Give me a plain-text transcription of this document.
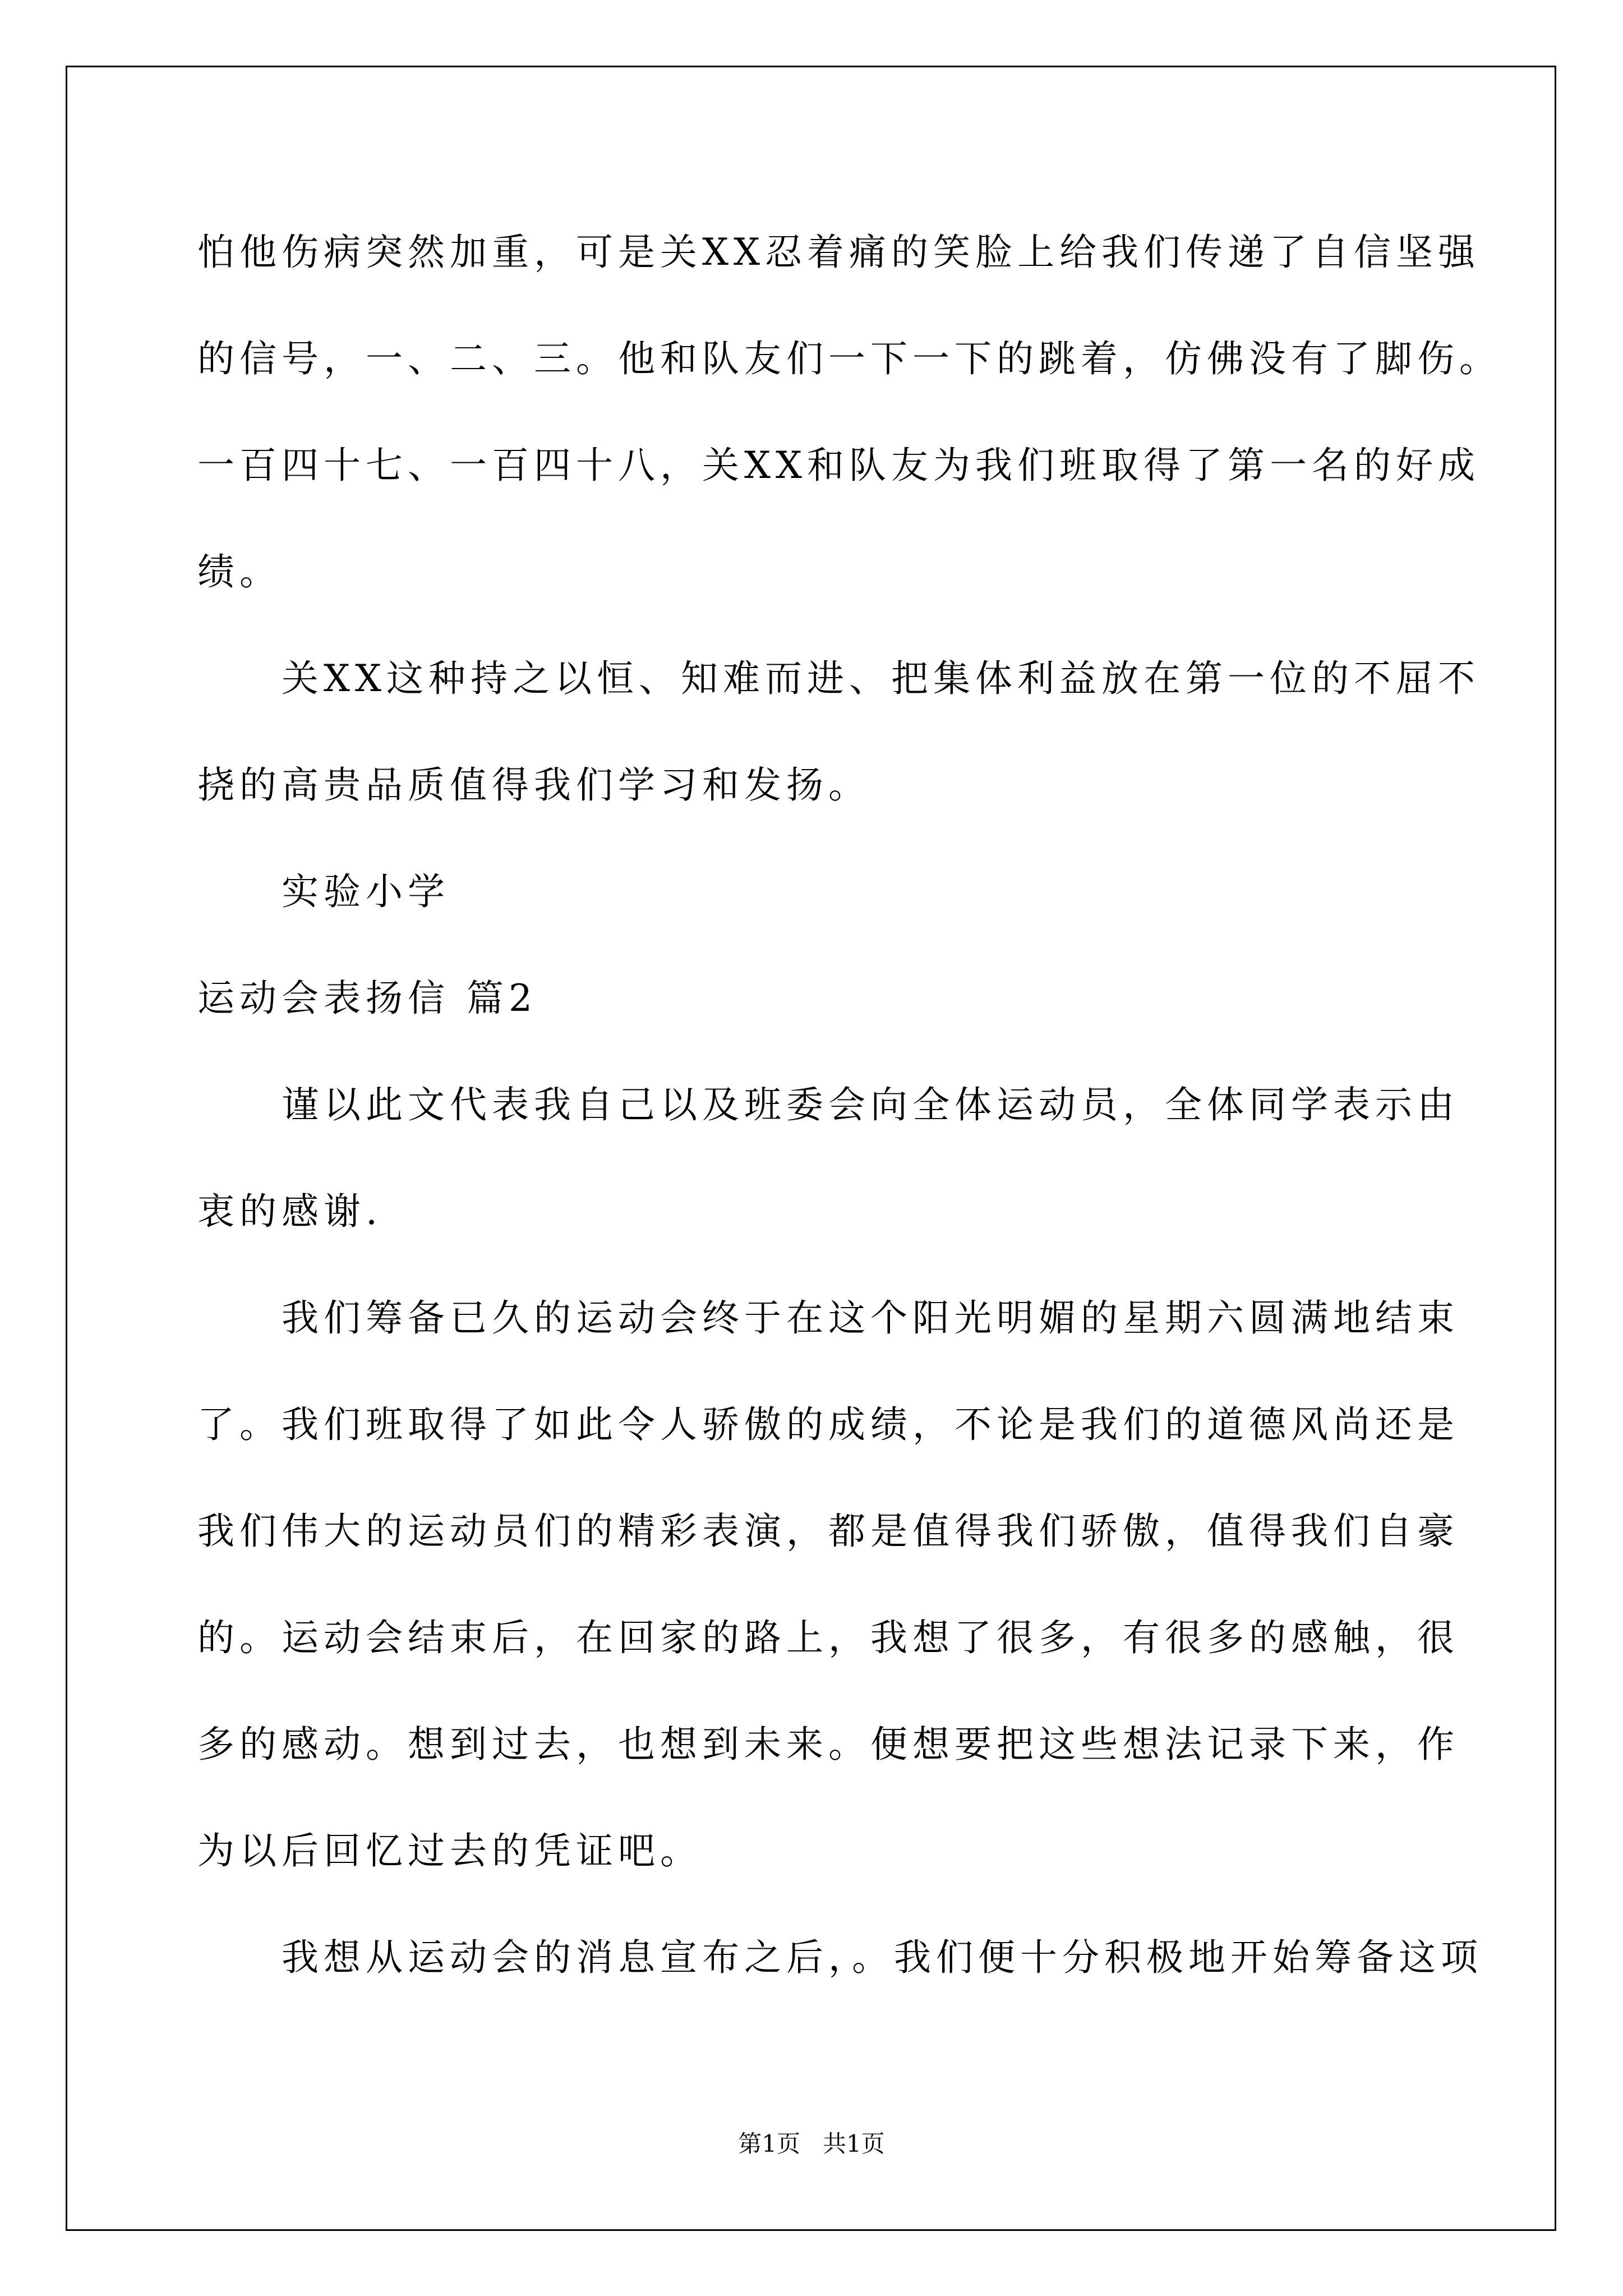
怕他伤病突然加重，可是关XX忍着痛的笑脸上给我们传递了自信坚强
的信号，一、二、三。他和队友们一下一下的跳着，仿佛没有了脚伤。
一百四十七、一百四十八，关XX和队友为我们班取得了第一名的好成
绩。
关XX这种持之以恒、知难而进、把集体利益放在第一位的不屈不
挠的高贵品质值得我们学习和发扬。
实验小学
运动会表扬信 篇2
谨以此文代表我自己以及班委会向全体运动员，全体同学表示由
衷的感谢.
我们筹备已久的运动会终于在这个阳光明媚的星期六圆满地结束
了。我们班取得了如此令人骄傲的成绩，不论是我们的道德风尚还是
我们伟大的运动员们的精彩表演，都是值得我们骄傲，值得我们自豪
的。运动会结束后，在回家的路上，我想了很多，有很多的感触，很
多的感动。想到过去，也想到未来。便想要把这些想法记录下来，作
为以后回忆过去的凭证吧。
我想从运动会的消息宣布之后，。我们便十分积极地开始筹备这项
第1页   共1页
